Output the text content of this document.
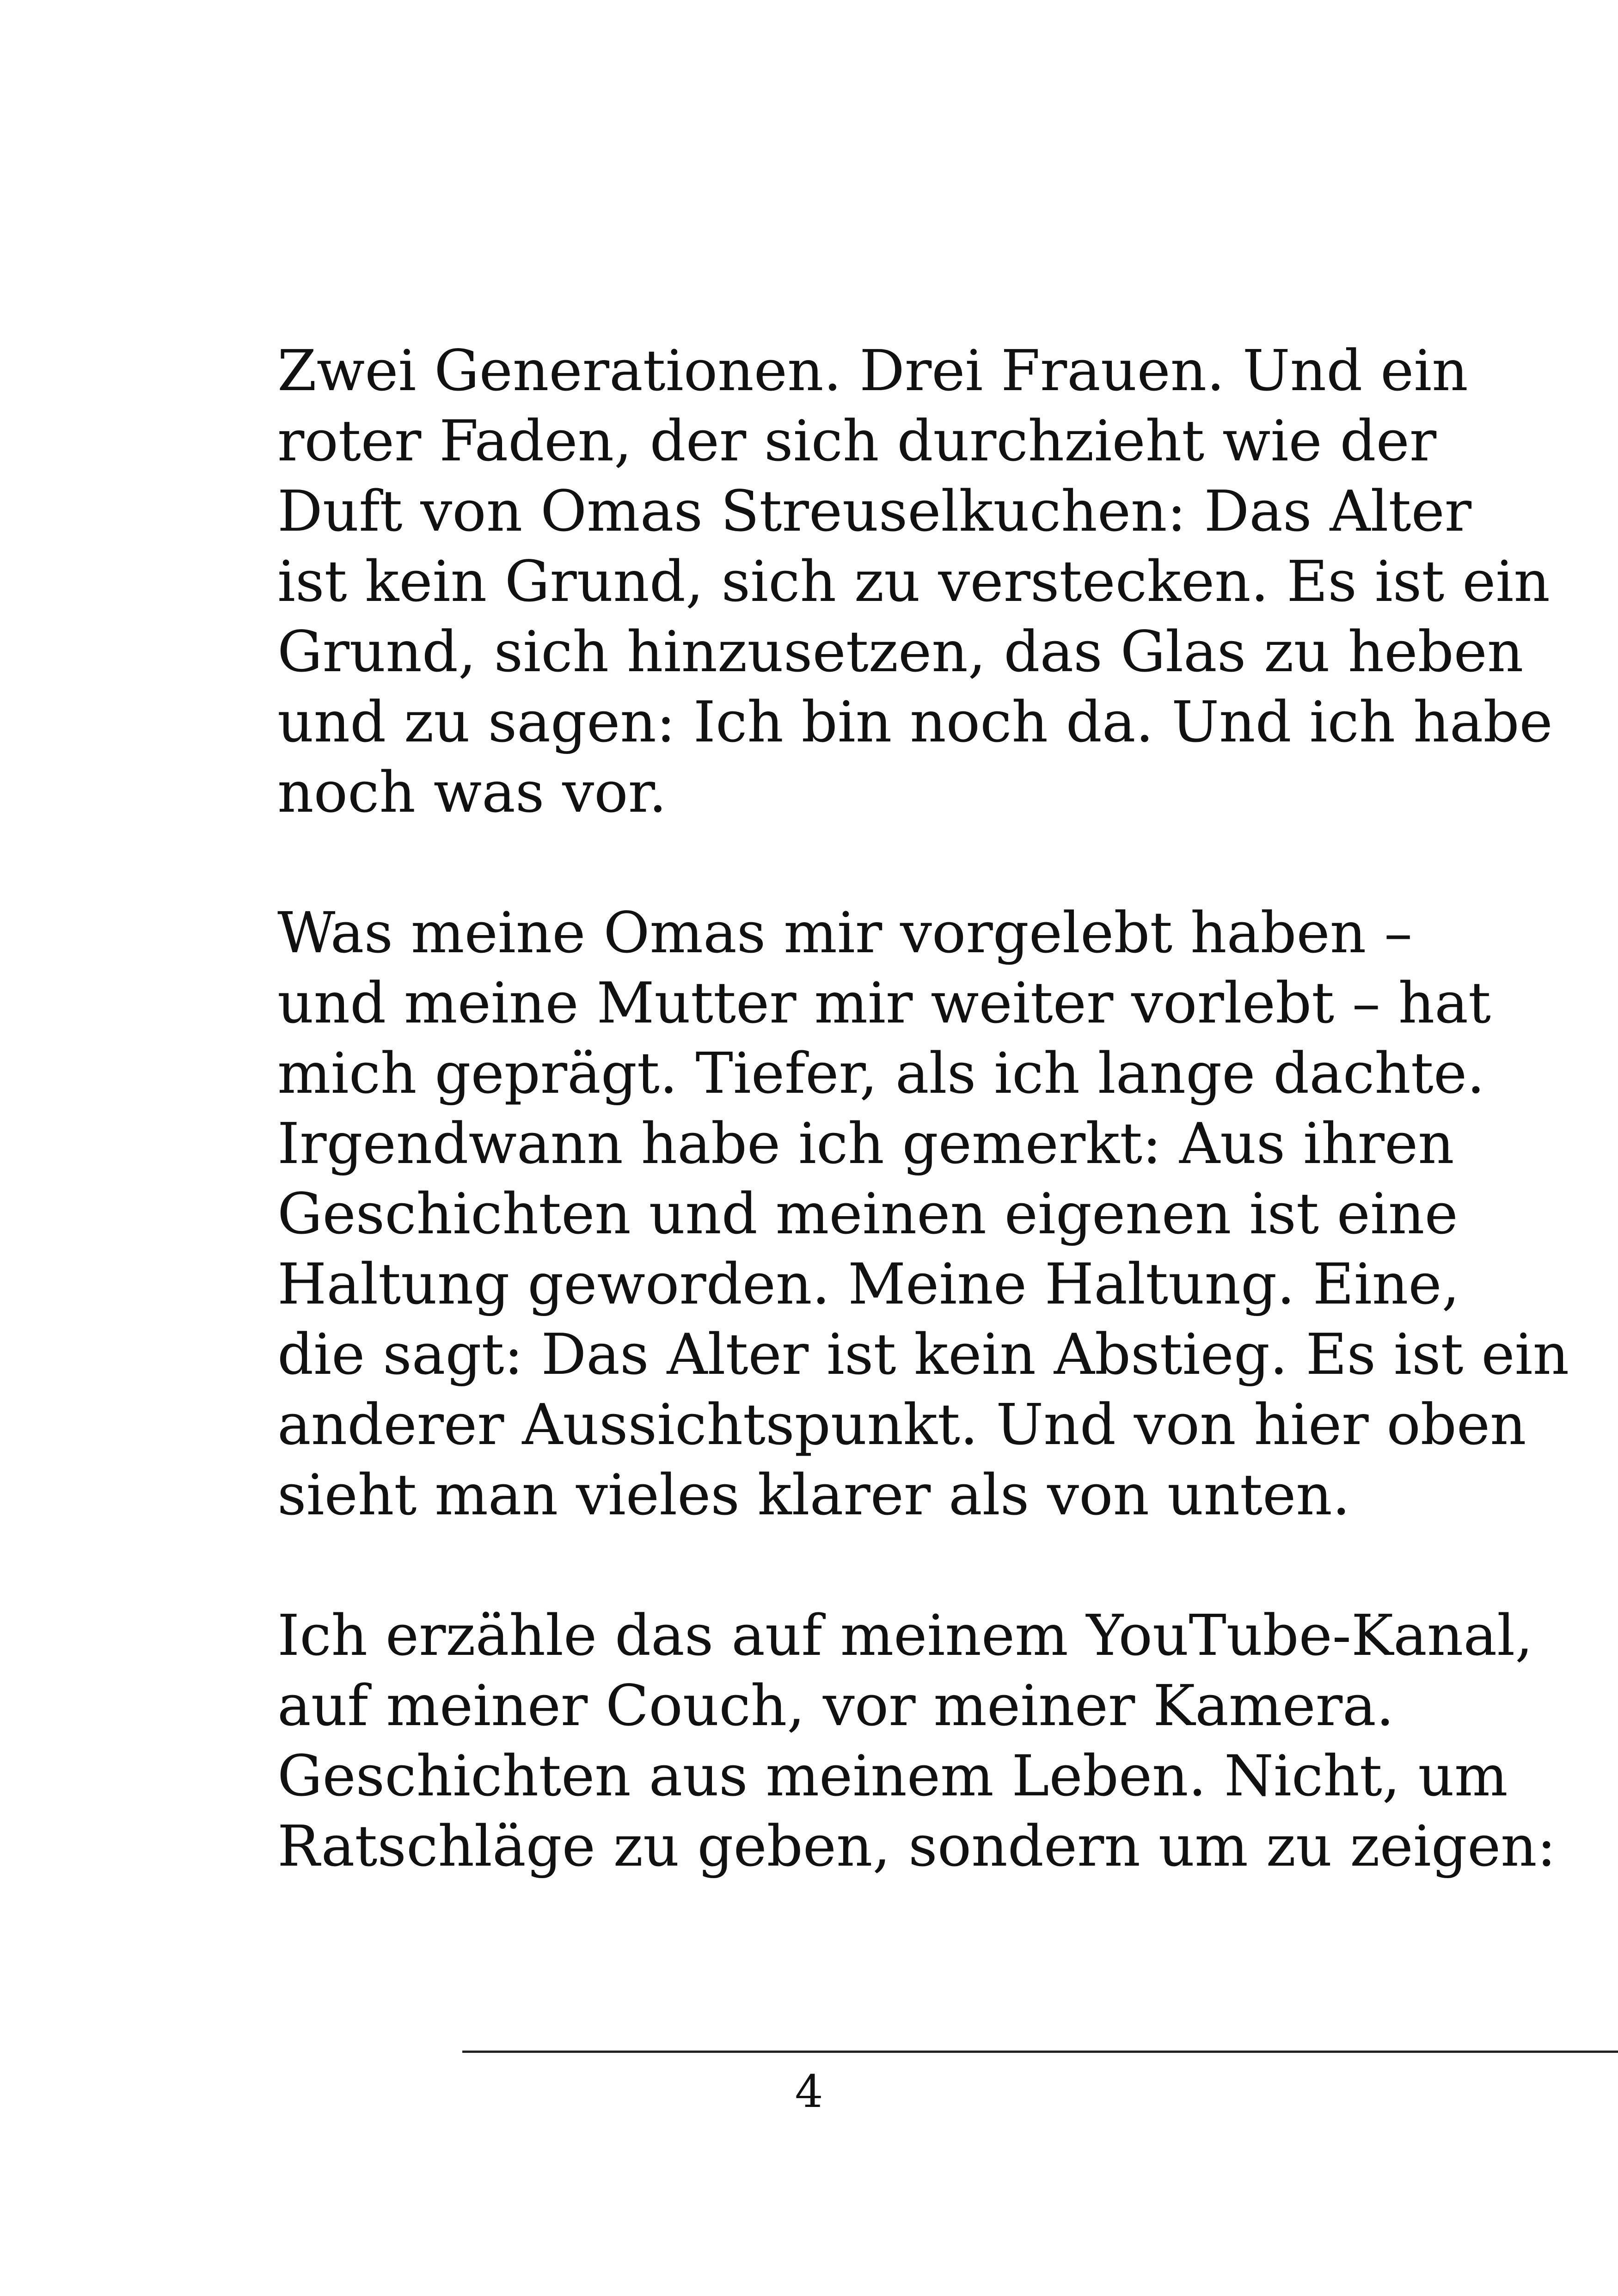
Zwei Generationen. Drei Frauen. Und ein
roter Faden, der sich durchzieht wie der
Duft von Omas Streuselkuchen: Das Alter
ist kein Grund, sich zu verstecken. Es ist ein
Grund, sich hinzusetzen, das Glas zu heben
und zu sagen: Ich bin noch da. Und ich habe
noch was vor.
Was meine Omas mir vorgelebt haben –
und meine Mutter mir weiter vorlebt – hat
mich geprägt. Tiefer, als ich lange dachte.
Irgendwann habe ich gemerkt: Aus ihren
Geschichten und meinen eigenen ist eine
Haltung geworden. Meine Haltung. Eine,
die sagt: Das Alter ist kein Abstieg. Es ist ein
anderer Aussichtspunkt. Und von hier oben
sieht man vieles klarer als von unten.
Ich erzähle das auf meinem YouTube-Kanal,
auf meiner Couch, vor meiner Kamera.
Geschichten aus meinem Leben. Nicht, um
Ratschläge zu geben, sondern um zu zeigen:
4
